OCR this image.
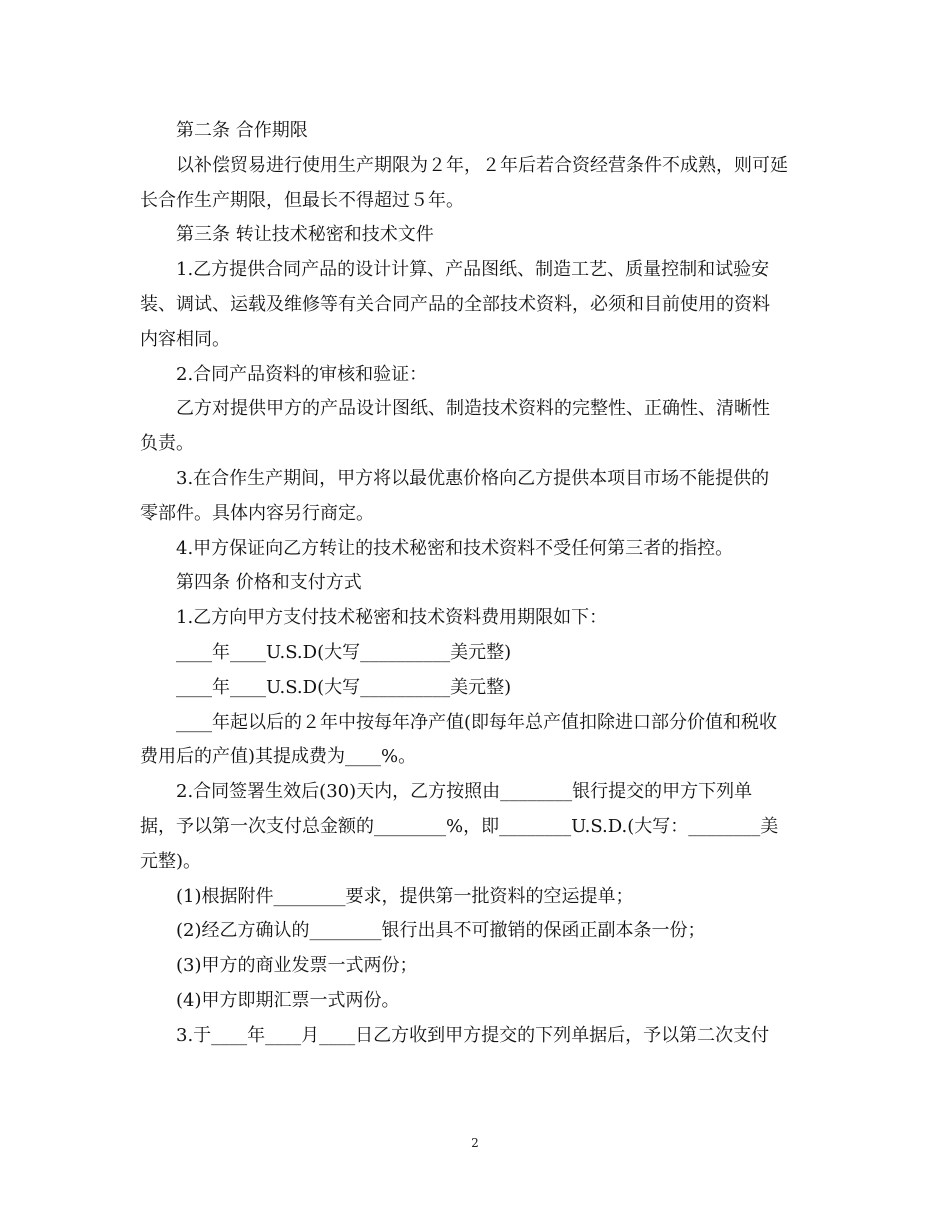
第二条 合作期限
以补偿贸易进行使用生产期限为２年，２年后若合资经营条件不成熟，则可延
长合作生产期限，但最长不得超过５年。
第三条 转让技术秘密和技术文件
1.乙方提供合同产品的设计计算、产品图纸、制造工艺、质量控制和试验安
装、调试、运载及维修等有关合同产品的全部技术资料，必须和目前使用的资料
内容相同。
2.合同产品资料的审核和验证：
乙方对提供甲方的产品设计图纸、制造技术资料的完整性、正确性、清晰性
负责。
3.在合作生产期间，甲方将以最优惠价格向乙方提供本项目市场不能提供的
零部件。具体内容另行商定。
4.甲方保证向乙方转让的技术秘密和技术资料不受任何第三者的指控。
第四条 价格和支付方式
1.乙方向甲方支付技术秘密和技术资料费用期限如下：
____年____U.S.D(大写__________美元整)
____年____U.S.D(大写__________美元整)
____年起以后的２年中按每年净产值(即每年总产值扣除进口部分价值和税收
费用后的产值)其提成费为____%。
2.合同签署生效后(30)天内，乙方按照由________银行提交的甲方下列单
据，予以第一次支付总金额的________%，即________U.S.D.(大写：________美
元整)。
(1)根据附件________要求，提供第一批资料的空运提单；
(2)经乙方确认的________银行出具不可撤销的保函正副本条一份；
(3)甲方的商业发票一式两份；
(4)甲方即期汇票一式两份。
3.于____年____月____日乙方收到甲方提交的下列单据后，予以第二次支付
2
